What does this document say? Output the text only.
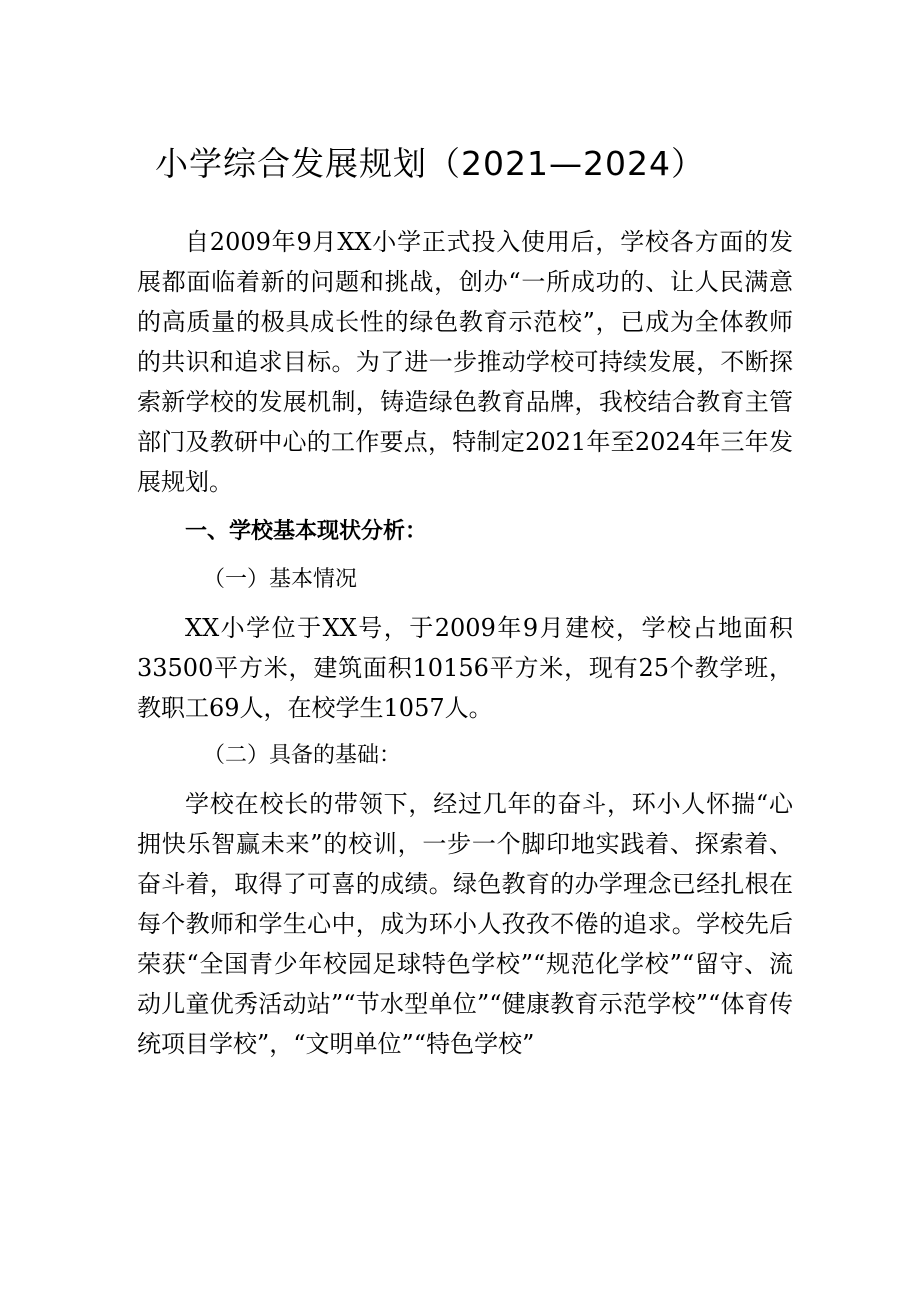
小学综合发展规划（2021—2024）

自2009年9月XX小学正式投入使用后，学校各方面的发展都面临着新的问题和挑战，创办“一所成功的、让人民满意的高质量的极具成长性的绿色教育示范校”，已成为全体教师的共识和追求目标。为了进一步推动学校可持续发展，不断探索新学校的发展机制，铸造绿色教育品牌，我校结合教育主管部门及教研中心的工作要点，特制定2021年至2024年三年发展规划。

一、学校基本现状分析：

（一）基本情况

XX小学位于XX号，于2009年9月建校，学校占地面积33500平方米，建筑面积10156平方米，现有25个教学班，教职工69人，在校学生1057人。

（二）具备的基础：

学校在校长的带领下，经过几年的奋斗，环小人怀揣“心拥快乐智赢未来”的校训，一步一个脚印地实践着、探索着、奋斗着，取得了可喜的成绩。绿色教育的办学理念已经扎根在每个教师和学生心中，成为环小人孜孜不倦的追求。学校先后荣获“全国青少年校园足球特色学校”“规范化学校”“留守、流动儿童优秀活动站”“节水型单位”“健康教育示范学校”“体育传统项目学校”，“文明单位”“特色学校”
